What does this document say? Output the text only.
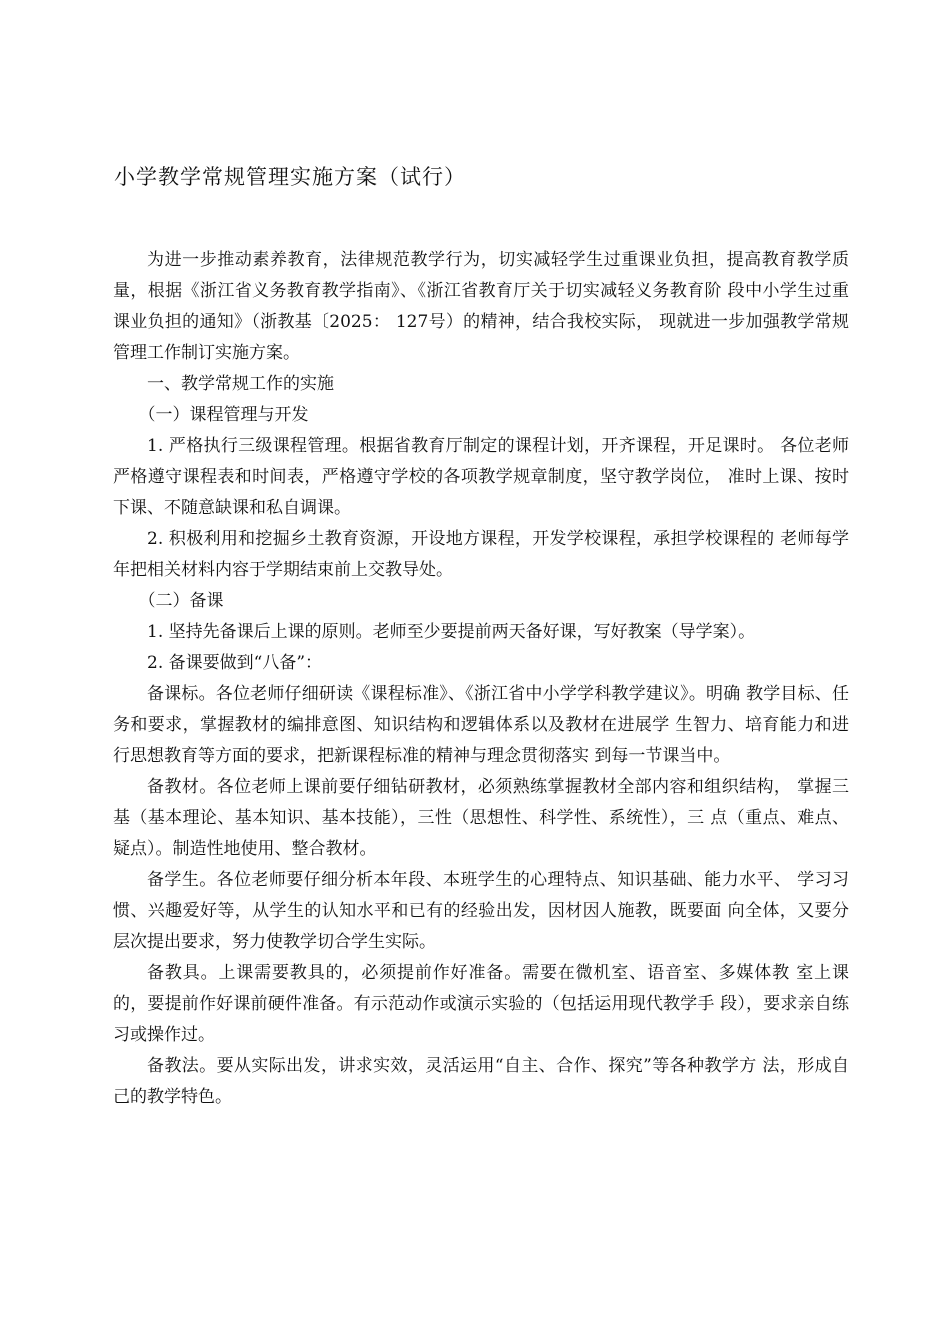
小学教学常规管理实施方案（试行）

为进一步推动素养教育，法律规范教学行为，切实减轻学生过重课业负担，提高教育教学质量，根据《浙江省义务教育教学指南》、《浙江省教育厅关于切实减轻义务教育阶 段中小学生过重课业负担的通知》（浙教基〔2025： 127号）的精神，结合我校实际， 现就进一步加强教学常规管理工作制订实施方案。

一、教学常规工作的实施

（一）课程管理与开发

1. 严格执行三级课程管理。根据省教育厅制定的课程计划，开齐课程，开足课时。 各位老师严格遵守课程表和时间表，严格遵守学校的各项教学规章制度，坚守教学岗位， 准时上课、按时下课、不随意缺课和私自调课。

2. 积极利用和挖掘乡土教育资源，开设地方课程，开发学校课程，承担学校课程的 老师每学年把相关材料内容于学期结束前上交教导处。

（二）备课

1. 坚持先备课后上课的原则。老师至少要提前两天备好课，写好教案（导学案）。

2. 备课要做到“八备”：

备课标。各位老师仔细研读《课程标准》、《浙江省中小学学科教学建议》。明确 教学目标、任务和要求，掌握教材的编排意图、知识结构和逻辑体系以及教材在进展学 生智力、培育能力和进行思想教育等方面的要求，把新课程标准的精神与理念贯彻落实 到每一节课当中。

备教材。各位老师上课前要仔细钻研教材，必须熟练掌握教材全部内容和组织结构， 掌握三基（基本理论、基本知识、基本技能），三性（思想性、科学性、系统性），三 点（重点、难点、疑点）。制造性地使用、整合教材。

备学生。各位老师要仔细分析本年段、本班学生的心理特点、知识基础、能力水平、 学习习惯、兴趣爱好等，从学生的认知水平和已有的经验出发，因材因人施教，既要面 向全体，又要分层次提出要求，努力使教学切合学生实际。

备教具。上课需要教具的，必须提前作好准备。需要在微机室、语音室、多媒体教 室上课的，要提前作好课前硬件准备。有示范动作或演示实验的（包括运用现代教学手 段），要求亲自练习或操作过。

备教法。要从实际出发，讲求实效，灵活运用“自主、合作、探究”等各种教学方 法，形成自己的教学特色。
